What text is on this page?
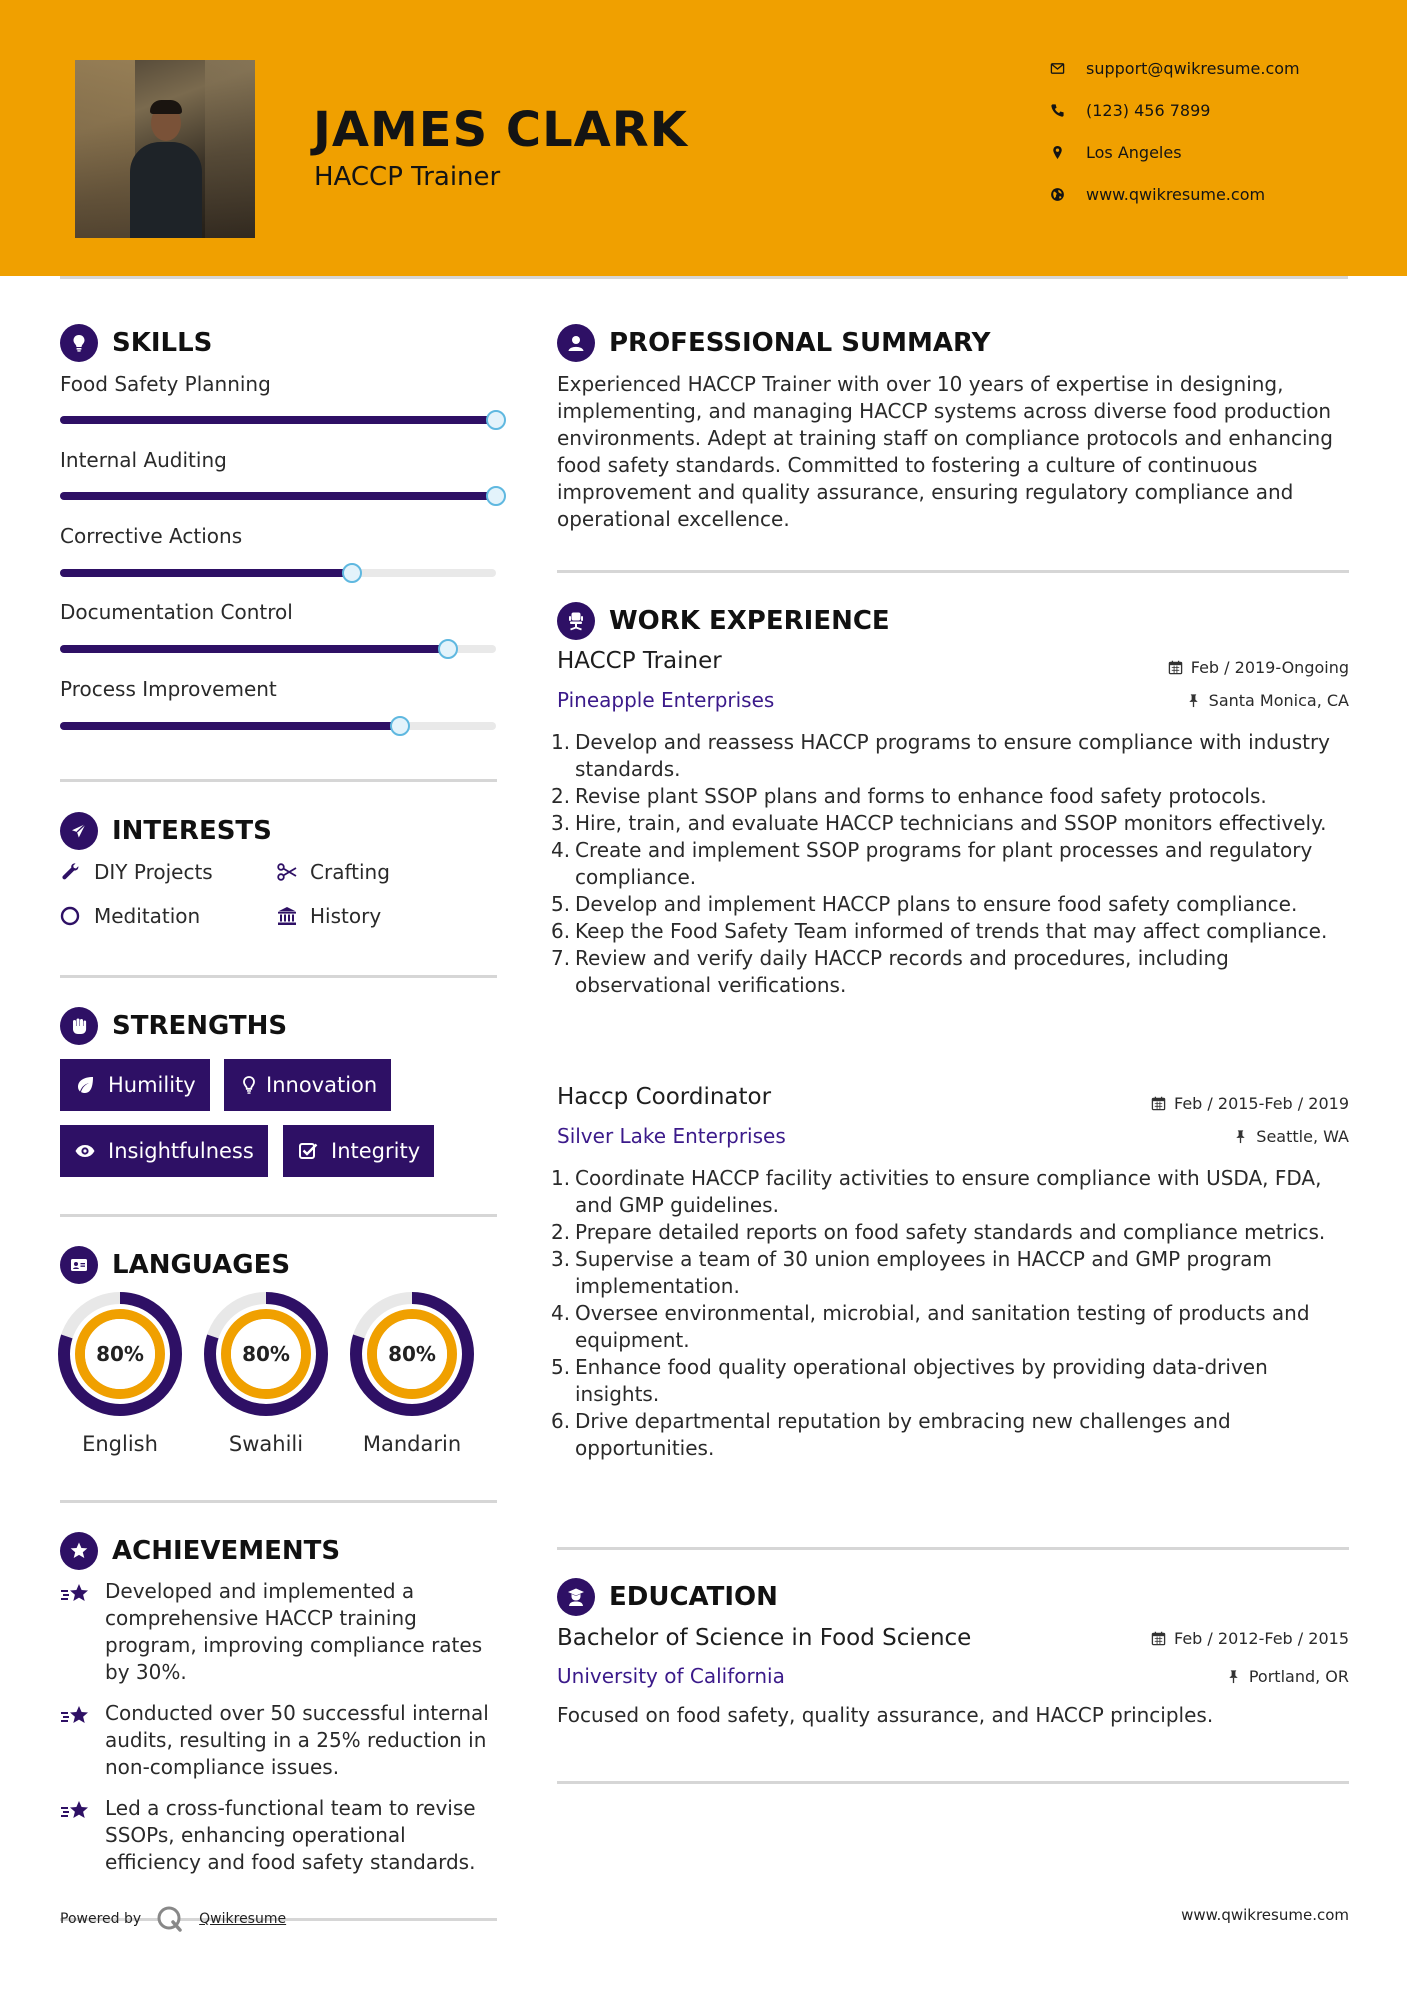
JAMES CLARK
HACCP Trainer
support@qwikresume.com
(123) 456 7899
Los Angeles
www.qwikresume.com
SKILLS
Food Safety Planning
Internal Auditing
Corrective Actions
Documentation Control
Process Improvement
INTERESTS
DIY Projects	Crafting
Meditation	History
STRENGTHS
Humility	Innovation
Insightfulness	Integrity
LANGUAGES
80%
English
80%
Swahili
80%
Mandarin
ACHIEVEMENTS
Developed and implemented a comprehensive HACCP training program, improving compliance rates by 30%.
Conducted over 50 successful internal audits, resulting in a 25% reduction in non-compliance issues.
Led a cross-functional team to revise SSOPs, enhancing operational efficiency and food safety standards.
Powered by	Qwikresume	www.qwikresume.com
PROFESSIONAL SUMMARY
Experienced HACCP Trainer with over 10 years of expertise in designing, implementing, and managing HACCP systems across diverse food production environments. Adept at training staff on compliance protocols and enhancing food safety standards. Committed to fostering a culture of continuous improvement and quality assurance, ensuring regulatory compliance and operational excellence.
WORK EXPERIENCE
HACCP Trainer	Feb / 2019-Ongoing
Pineapple Enterprises	Santa Monica, CA
1. Develop and reassess HACCP programs to ensure compliance with industry standards.
2. Revise plant SSOP plans and forms to enhance food safety protocols.
3. Hire, train, and evaluate HACCP technicians and SSOP monitors effectively.
4. Create and implement SSOP programs for plant processes and regulatory compliance.
5. Develop and implement HACCP plans to ensure food safety compliance.
6. Keep the Food Safety Team informed of trends that may affect compliance.
7. Review and verify daily HACCP records and procedures, including observational verifications.
Haccp Coordinator	Feb / 2015-Feb / 2019
Silver Lake Enterprises	Seattle, WA
1. Coordinate HACCP facility activities to ensure compliance with USDA, FDA, and GMP guidelines.
2. Prepare detailed reports on food safety standards and compliance metrics.
3. Supervise a team of 30 union employees in HACCP and GMP program implementation.
4. Oversee environmental, microbial, and sanitation testing of products and equipment.
5. Enhance food quality operational objectives by providing data-driven insights.
6. Drive departmental reputation by embracing new challenges and opportunities.
EDUCATION
Bachelor of Science in Food Science	Feb / 2012-Feb / 2015
University of California	Portland, OR
Focused on food safety, quality assurance, and HACCP principles.
